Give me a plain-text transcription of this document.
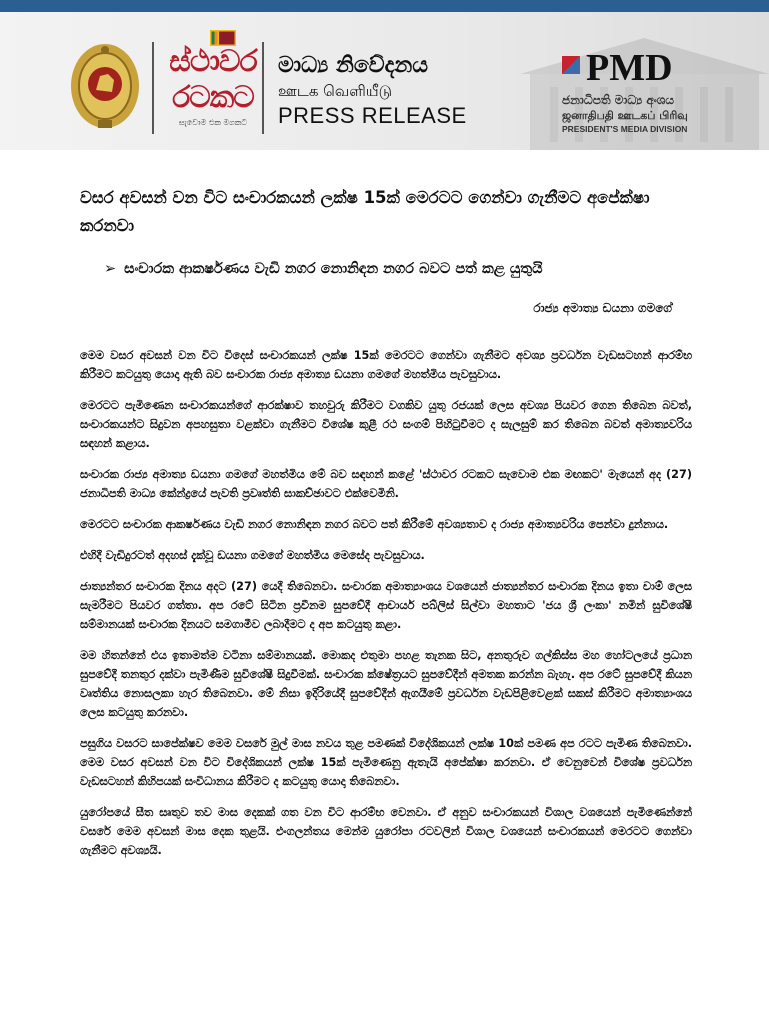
ස්ථාවර
රටකට
සැවොම එක මගකට
මාධ්‍ය නිවේදනය
ஊடக வெளியீடு
PRESS RELEASE
PMD
ජනාධිපති මාධ්‍ය අංශය
ஜனாதிபதி ஊடகப் பிரிவு
PRESIDENT'S MEDIA DIVISION
වසර අවසන් වන විට සංචාරකයන් ලක්ෂ 15ක් මෙරටට ගෙන්වා ගැනීමට අපේක්ෂා කරනවා
➢ සංචාරක ආකර්ෂණය වැඩි නගර නොනිඳන නගර බවට පත් කළ යුතුයි
රාජ්‍ය අමාත්‍ය ඩයනා ගමගේ

මෙම වසර අවසන් වන විට විදෙස් සංචාරකයන් ලක්ෂ 15ක් මෙරටට ගෙන්වා ගැනීමට අවශ්‍ය ප්‍රවර්ධන වැඩසටහන් ආරම්භ කිරීමට කටයුතු යොදා ඇති බව සංචාරක රාජ්‍ය අමාත්‍ය ඩයනා ගමගේ මහත්මිය පැවසුවාය.

මෙරටට පැමිණෙන සංචාරකයන්ගේ ආරක්ෂාව තහවුරු කිරීමට වගකිව යුතු රජයක් ලෙස අවශ්‍ය පියවර ගෙන තිබෙන බවත්, සංචාරකයන්ට සිදුවන අපහසුතා වළක්වා ගැනීමට විශේෂ කුළී රථ සංගම් පිහිටුවීමට ද සැලසුම් කර තිබෙන බවත් අමාත්‍යවරිය සඳහන් කළාය.

සංචාරක රාජ්‍ය අමාත්‍ය ඩයනා ගමගේ මහත්මිය මේ බව සඳහන් කළේ 'ස්ථාවර රටකට සැවොම එක මඟකට' මැයෙන් අද (27) ජනාධිපති මාධ්‍ය කේන්ද්‍රයේ පැවති ප්‍රවෘත්ති සාකච්ඡාවට එක්වෙමිනි.

මෙරටට සංචාරක ආකර්ෂණය වැඩි නගර නොනිඳන නගර බවට පත් කිරීමේ අවශ්‍යතාව ද රාජ්‍ය අමාත්‍යවරිය පෙන්වා දුන්නාය.

එහිදී වැඩිදුරටත් අදහස් දැක්වූ ඩයනා ගමගේ මහත්මිය මෙසේද පැවසුවාය.

ජාත්‍යන්තර සංචාරක දිනය අදට (27) යෙදී තිබෙනවා. සංචාරක අමාත්‍යාංශය වශයෙන් ජාත්‍යන්තර සංචාරක දිනය ඉතා චාම් ලෙස සැමරීමට පියවර ගත්තා. අප රටේ සිටින ප්‍රවීනම සුපවේදී ආචාර්ය පබ්ලිස් සිල්වා මහතාට 'ජය ශ්‍රී ලංකා' නමින් සුවිශේෂී සම්මානයක් සංචාරක දිනයට සමගාමීව ලබාදීමට ද අප කටයුතු කළා.

මම හිතන්නේ එය ඉතාමත්ම වටිනා සම්මානයක්. මොකද එතුමා පහළ තැනක සිට, අනතුරුව ගල්කිස්ස මහ හෝටලයේ ප්‍රධාන සුපවේදී තනතුර දක්වා පැමිණීම සුවිශේෂී සිදුවීමක්. සංචාරක ක්ෂේත්‍රයට සුපවේදීන් අමතක කරන්න බැහැ. අප රටේ සුපවේදී කියන වෘත්තිය නොසලකා හැර තිබෙනවා. මේ නිසා ඉදිරියේදී සුපවේදීන් ඇගයීමේ ප්‍රවර්ධන වැඩපිළිවෙළක් සකස් කිරීමට අමාත්‍යාංශය ලෙස කටයුතු කරනවා.

පසුගිය වසරට සාපේක්ෂව මෙම වසරේ මුල් මාස නවය තුළ පමණක් විදේශිකයන් ලක්ෂ 10ක් පමණ අප රටට පැමිණ තිබෙනවා. මෙම වසර අවසන් වන විට විදේශිකයන් ලක්ෂ 15ක් පැමිණෙනු ඇතැයි අපේක්ෂා කරනවා. ඒ වෙනුවෙන් විශේෂ ප්‍රවර්ධන වැඩසටහන් කිහිපයක් සංවිධානය කිරීමට ද කටයුතු යොදා තිබෙනවා.

යුරෝපයේ සීත සෘතුව තව මාස දෙකක් ගත වන විට ආරම්භ වෙනවා. ඒ අනුව සංචාරකයන් විශාල වශයෙන් පැමිණෙන්නේ වසරේ මෙම අවසන් මාස දෙක තුළයි. එංගලන්තය මෙන්ම යුරෝපා රටවලින් විශාල වශයෙන් සංචාරකයන් මෙරටට ගෙන්වා ගැනීමට අවශ්‍යයි.
